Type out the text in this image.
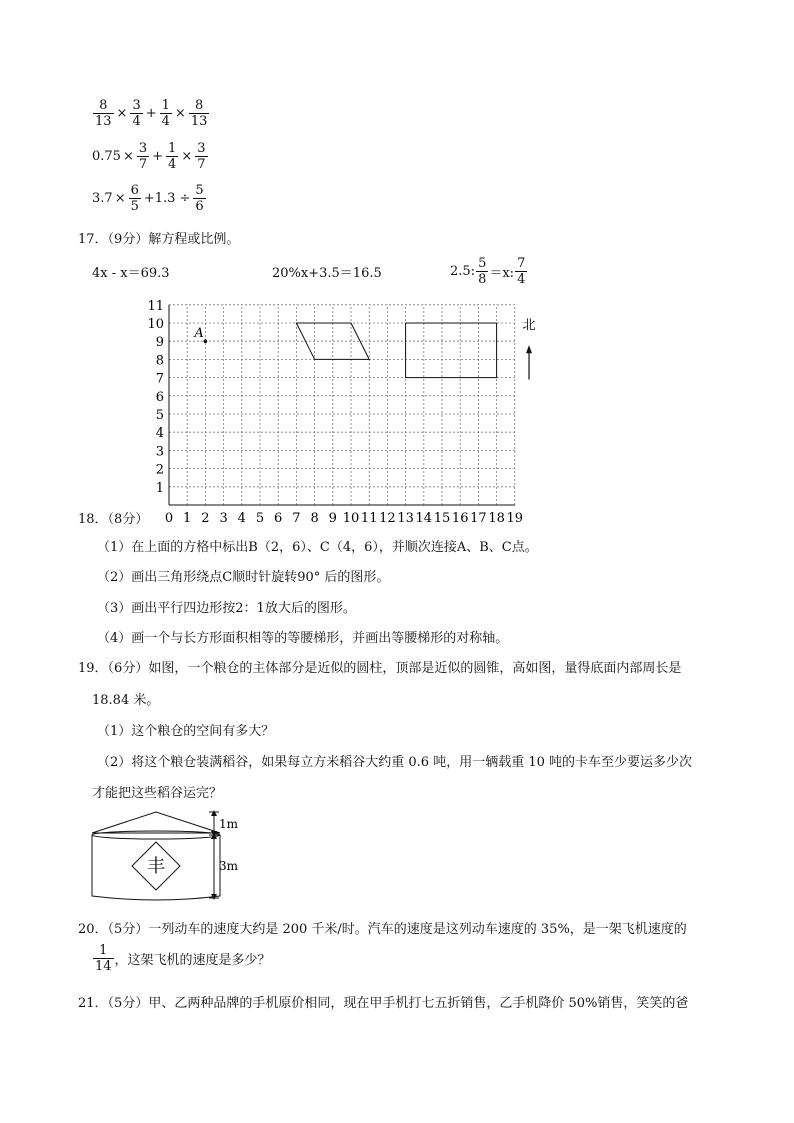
$\frac{8}{13} \times \frac{3}{4} + \frac{1}{4} \times \frac{8}{13}$
$0.75 \times \frac{3}{7} + \frac{1}{4} \times \frac{3}{7}$
$3.7 \times \frac{6}{5} +1.3 \div \frac{5}{6}$
17．（9分）解方程或比例。
4x - x＝69.3	20%x+3.5＝16.5	2.5: $\frac{5}{8} =x$: $\frac{7}{4}$
0 1 2 3 4 5 6 7 8 9 10 11 12 13 14 15 16 17 18 19
1
2
3
4
5
6
7
8
9
10
11
A
北
18．（8分）
（1）在上面的方格中标出B（2，6）、C（4，6），并顺次连接A、B、C点。
（2）画出三角形绕点C顺时针旋转90° 后的图形。
（3）画出平行四边形按2：1放大后的图形。
（4）画一个与长方形面积相等的等腰梯形，并画出等腰梯形的对称轴。
19．（6分）如图，一个粮仓的主体部分是近似的圆柱，顶部是近似的圆锥，高如图，量得底面内部周长是
18.84 米。
（1）这个粮仓的空间有多大？
（2）将这个粮仓装满稻谷，如果每立方米稻谷大约重 0.6 吨，用一辆载重 10 吨的卡车至少要运多少次
才能把这些稻谷运完？
丰
1m
3m
20．（5分）一列动车的速度大约是 200 千米/时。汽车的速度是这列动车速度的 35%，是一架飞机速度的
$\frac{1}{14}$ ，这架飞机的速度是多少？
21．（5分）甲、乙两种品牌的手机原价相同，现在甲手机打七五折销售，乙手机降价 50%销售，笑笑的爸
